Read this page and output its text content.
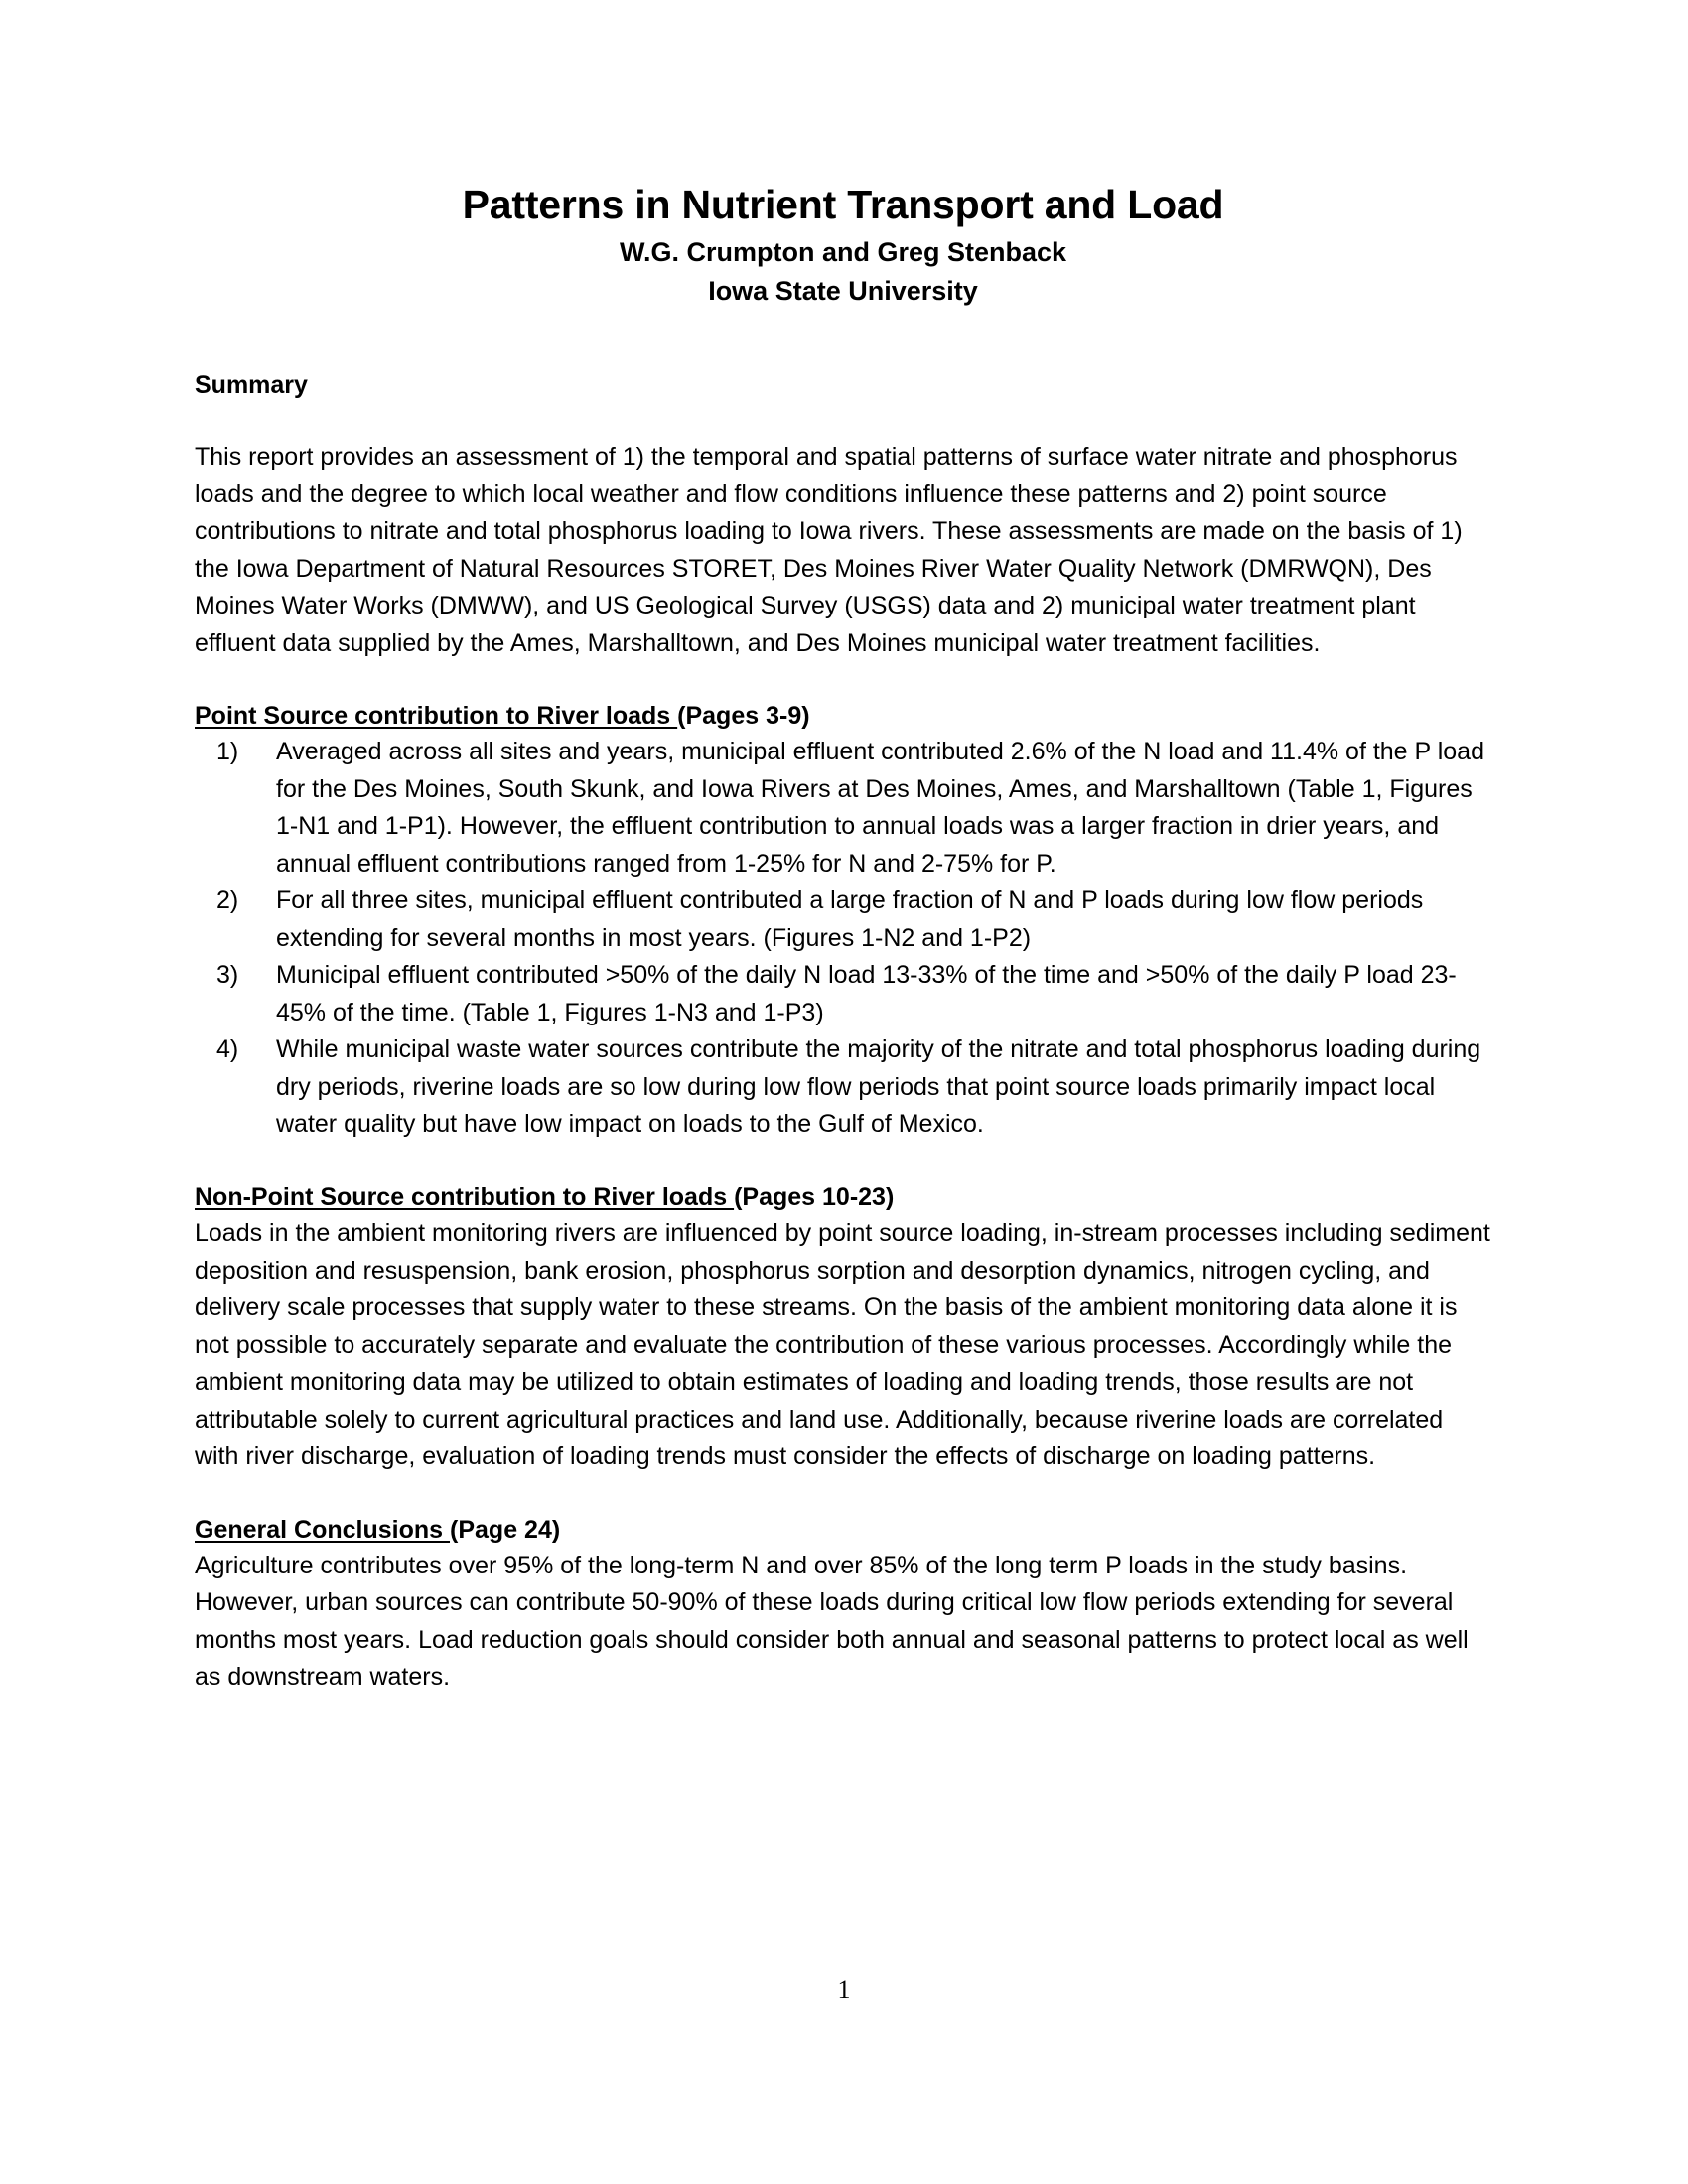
Patterns in Nutrient Transport and Load
W.G. Crumpton and Greg Stenback
Iowa State University
Summary

This report provides an assessment of 1) the temporal and spatial patterns of surface water nitrate and phosphorus loads and the degree to which local weather and flow conditions influence these patterns and 2) point source contributions to nitrate and total phosphorus loading to Iowa rivers. These assessments are made on the basis of 1) the Iowa Department of Natural Resources STORET, Des Moines River Water Quality Network (DMRWQN), Des Moines Water Works (DMWW), and US Geological Survey (USGS) data and 2) municipal water treatment plant effluent data supplied by the Ames, Marshalltown, and Des Moines municipal water treatment facilities.

Point Source contribution to River loads (Pages 3-9)
1)	Averaged across all sites and years, municipal effluent contributed 2.6% of the N load and 11.4% of the P load for the Des Moines, South Skunk, and Iowa Rivers at Des Moines, Ames, and Marshalltown (Table 1, Figures 1-N1 and 1-P1). However, the effluent contribution to annual loads was a larger fraction in drier years, and annual effluent contributions ranged from 1-25% for N and 2-75% for P.
2)	For all three sites, municipal effluent contributed a large fraction of N and P loads during low flow periods extending for several months in most years. (Figures 1-N2 and 1-P2)
3)	Municipal effluent contributed >50% of the daily N load 13-33% of the time and >50% of the daily P load 23-45% of the time. (Table 1, Figures 1-N3 and 1-P3)
4)	While municipal waste water sources contribute the majority of the nitrate and total phosphorus loading during dry periods, riverine loads are so low during low flow periods that point source loads primarily impact local water quality but have low impact on loads to the Gulf of Mexico.
Non-Point Source contribution to River loads (Pages 10-23)

Loads in the ambient monitoring rivers are influenced by point source loading, in-stream processes including sediment deposition and resuspension, bank erosion, phosphorus sorption and desorption dynamics, nitrogen cycling, and delivery scale processes that supply water to these streams. On the basis of the ambient monitoring data alone it is not possible to accurately separate and evaluate the contribution of these various processes. Accordingly while the ambient monitoring data may be utilized to obtain estimates of loading and loading trends, those results are not attributable solely to current agricultural practices and land use. Additionally, because riverine loads are correlated with river discharge, evaluation of loading trends must consider the effects of discharge on loading patterns.

General Conclusions (Page 24)

Agriculture contributes over 95% of the long-term N and over 85% of the long term P loads in the study basins. However, urban sources can contribute 50-90% of these loads during critical low flow periods extending for several months most years. Load reduction goals should consider both annual and seasonal patterns to protect local as well as downstream waters.

1
